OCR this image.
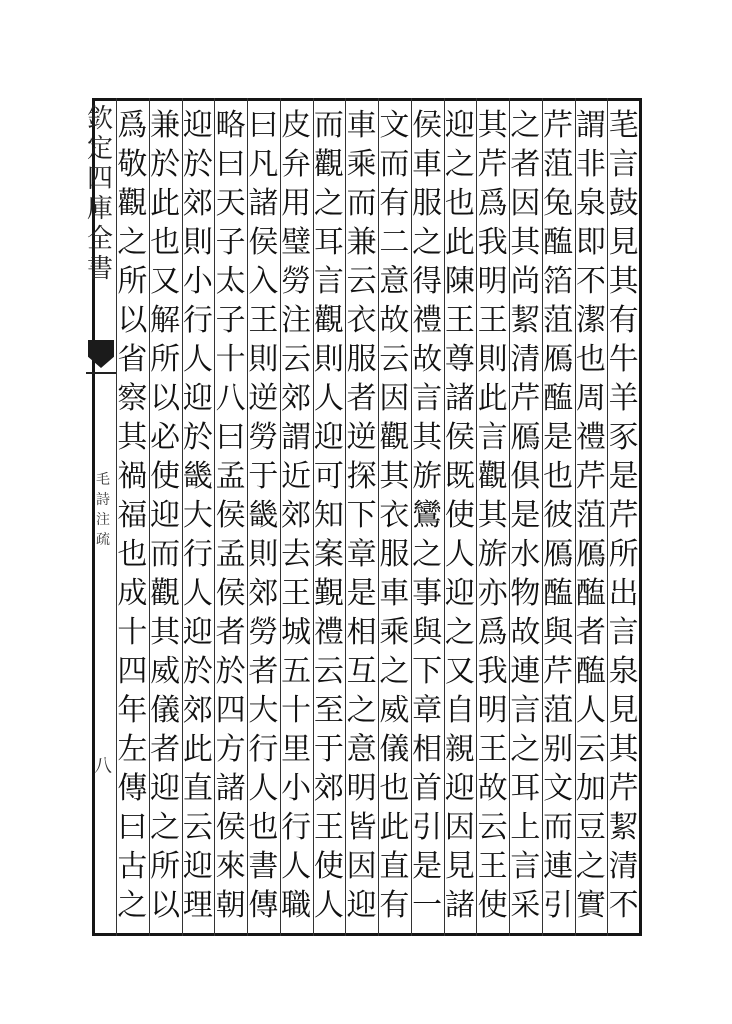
欽
定
四
庫
全
書
毛
詩
注
疏
八
芼
言
鼓
見
其
有
牛
羊
豕
是
芹
所
出
言
泉
見
其
芹
絜
清
不
謂
非
泉
即
不
潔
也
周
禮
芹
菹
鴈
醢
者
醢
人
云
加
豆
之
實
芹
菹
兔
醢
箔
菹
鴈
醢
是
也
彼
鴈
醢
與
芹
菹
别
文
而
連
引
之
者
因
其
尚
絜
清
芹
鴈
俱
是
水
物
故
連
言
之
耳
上
言
采
其
芹
爲
我
明
王
則
此
言
觀
其
旂
亦
爲
我
明
王
故
云
王
使
迎
之
也
此
陳
王
尊
諸
侯
既
使
人
迎
之
又
自
親
迎
因
見
諸
侯
車
服
之
得
禮
故
言
其
旂
鸞
之
事
與
下
章
相
首
引
是
一
文
而
有
二
意
故
云
因
觀
其
衣
服
車
乘
之
威
儀
也
此
直
有
車
乘
而
兼
云
衣
服
者
逆
探
下
章
是
相
互
之
意
明
皆
因
迎
而
觀
之
耳
言
觀
則
人
迎
可
知
案
覲
禮
云
至
于
郊
王
使
人
皮
弁
用
璧
勞
注
云
郊
謂
近
郊
去
王
城
五
十
里
小
行
人
職
曰
凡
諸
侯
入
王
則
逆
勞
于
畿
則
郊
勞
者
大
行
人
也
書
傳
略
曰
天
子
太
子
十
八
曰
孟
侯
孟
侯
者
於
四
方
諸
侯
來
朝
迎
於
郊
則
小
行
人
迎
於
畿
大
行
人
迎
於
郊
此
直
云
迎
理
兼
於
此
也
又
解
所
以
必
使
迎
而
觀
其
威
儀
者
迎
之
所
以
爲
敬
觀
之
所
以
省
察
其
禍
福
也
成
十
四
年
左
傳
曰
古
之
